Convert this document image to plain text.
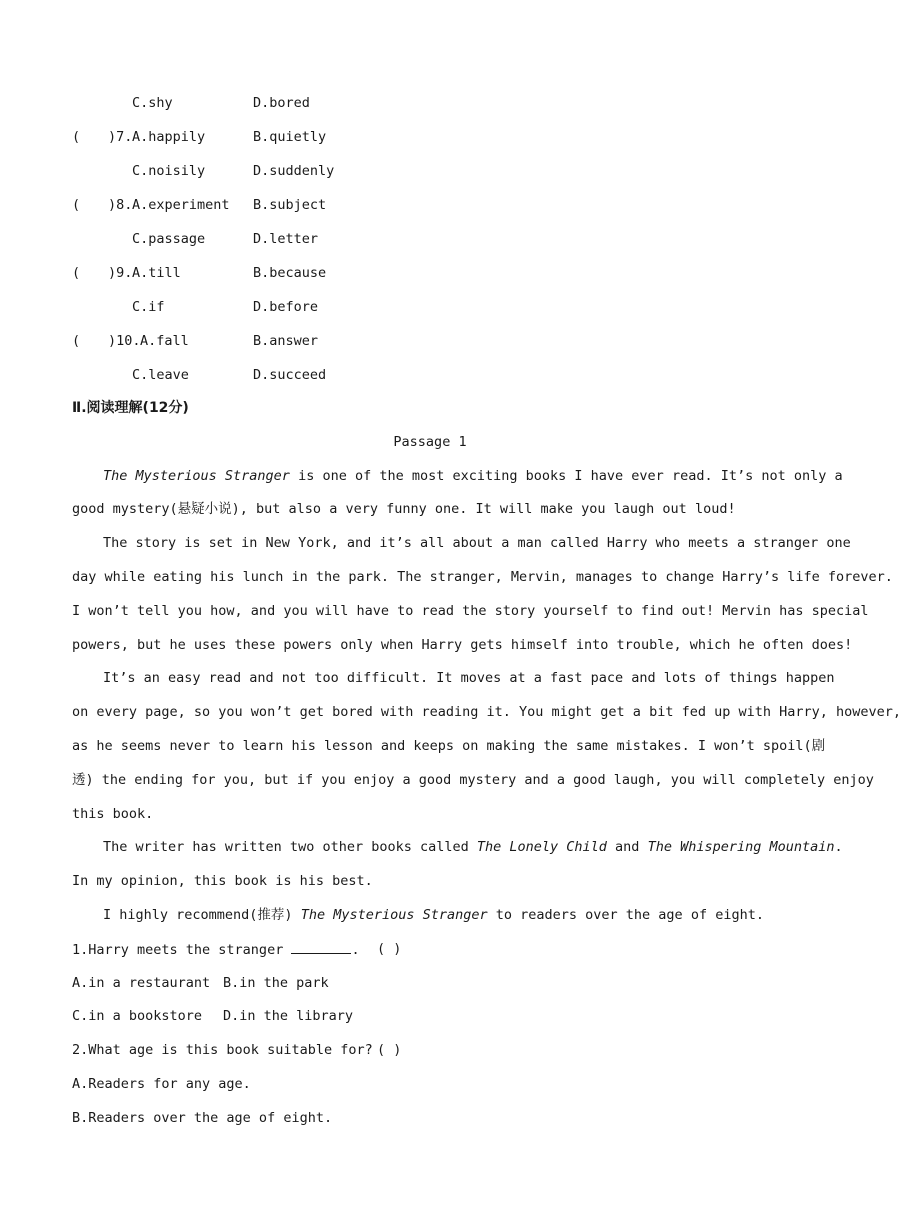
C.shy	D.bored
( )7. A.happily	B.quietly
C.noisily	D.suddenly
( )8. A.experiment B.subject
C.passage	D.letter
( )9. A.till	B.because
C.if	D.before
( )10. A.fall	B.answer
C.leave	D.succeed
Ⅱ.阅读理解(12分)
Passage 1
The Mysterious Stranger is one of the most exciting books I have ever read. It’s not only a
good mystery(悬疑小说), but also a very funny one. It will make you laugh out loud!
The story is set in New York, and it’s all about a man called Harry who meets a stranger one
day while eating his lunch in the park. The stranger, Mervin, manages to change Harry’s life forever.
I won’t tell you how, and you will have to read the story yourself to find out! Mervin has special
powers, but he uses these powers only when Harry gets himself into trouble, which he often does!
It’s an easy read and not too difficult. It moves at a fast pace and lots of things happen
on every page, so you won’t get bored with reading it. You might get a bit fed up with Harry, however,
as he seems never to learn his lesson and keeps on making the same mistakes. I won’t spoil(剧
透) the ending for you, but if you enjoy a good mystery and a good laugh, you will completely enjoy
this book.
The writer has written two other books called The Lonely Child and The Whispering Mountain.
In my opinion, this book is his best.
I highly recommend(推荐) The Mysterious Stranger to readers over the age of eight.
1.Harry meets the stranger	. ( )
A.in a restaurant B.in the park
C.in a bookstore D.in the library
2.What age is this book suitable for? ( )
A.Readers for any age.
B.Readers over the age of eight.
